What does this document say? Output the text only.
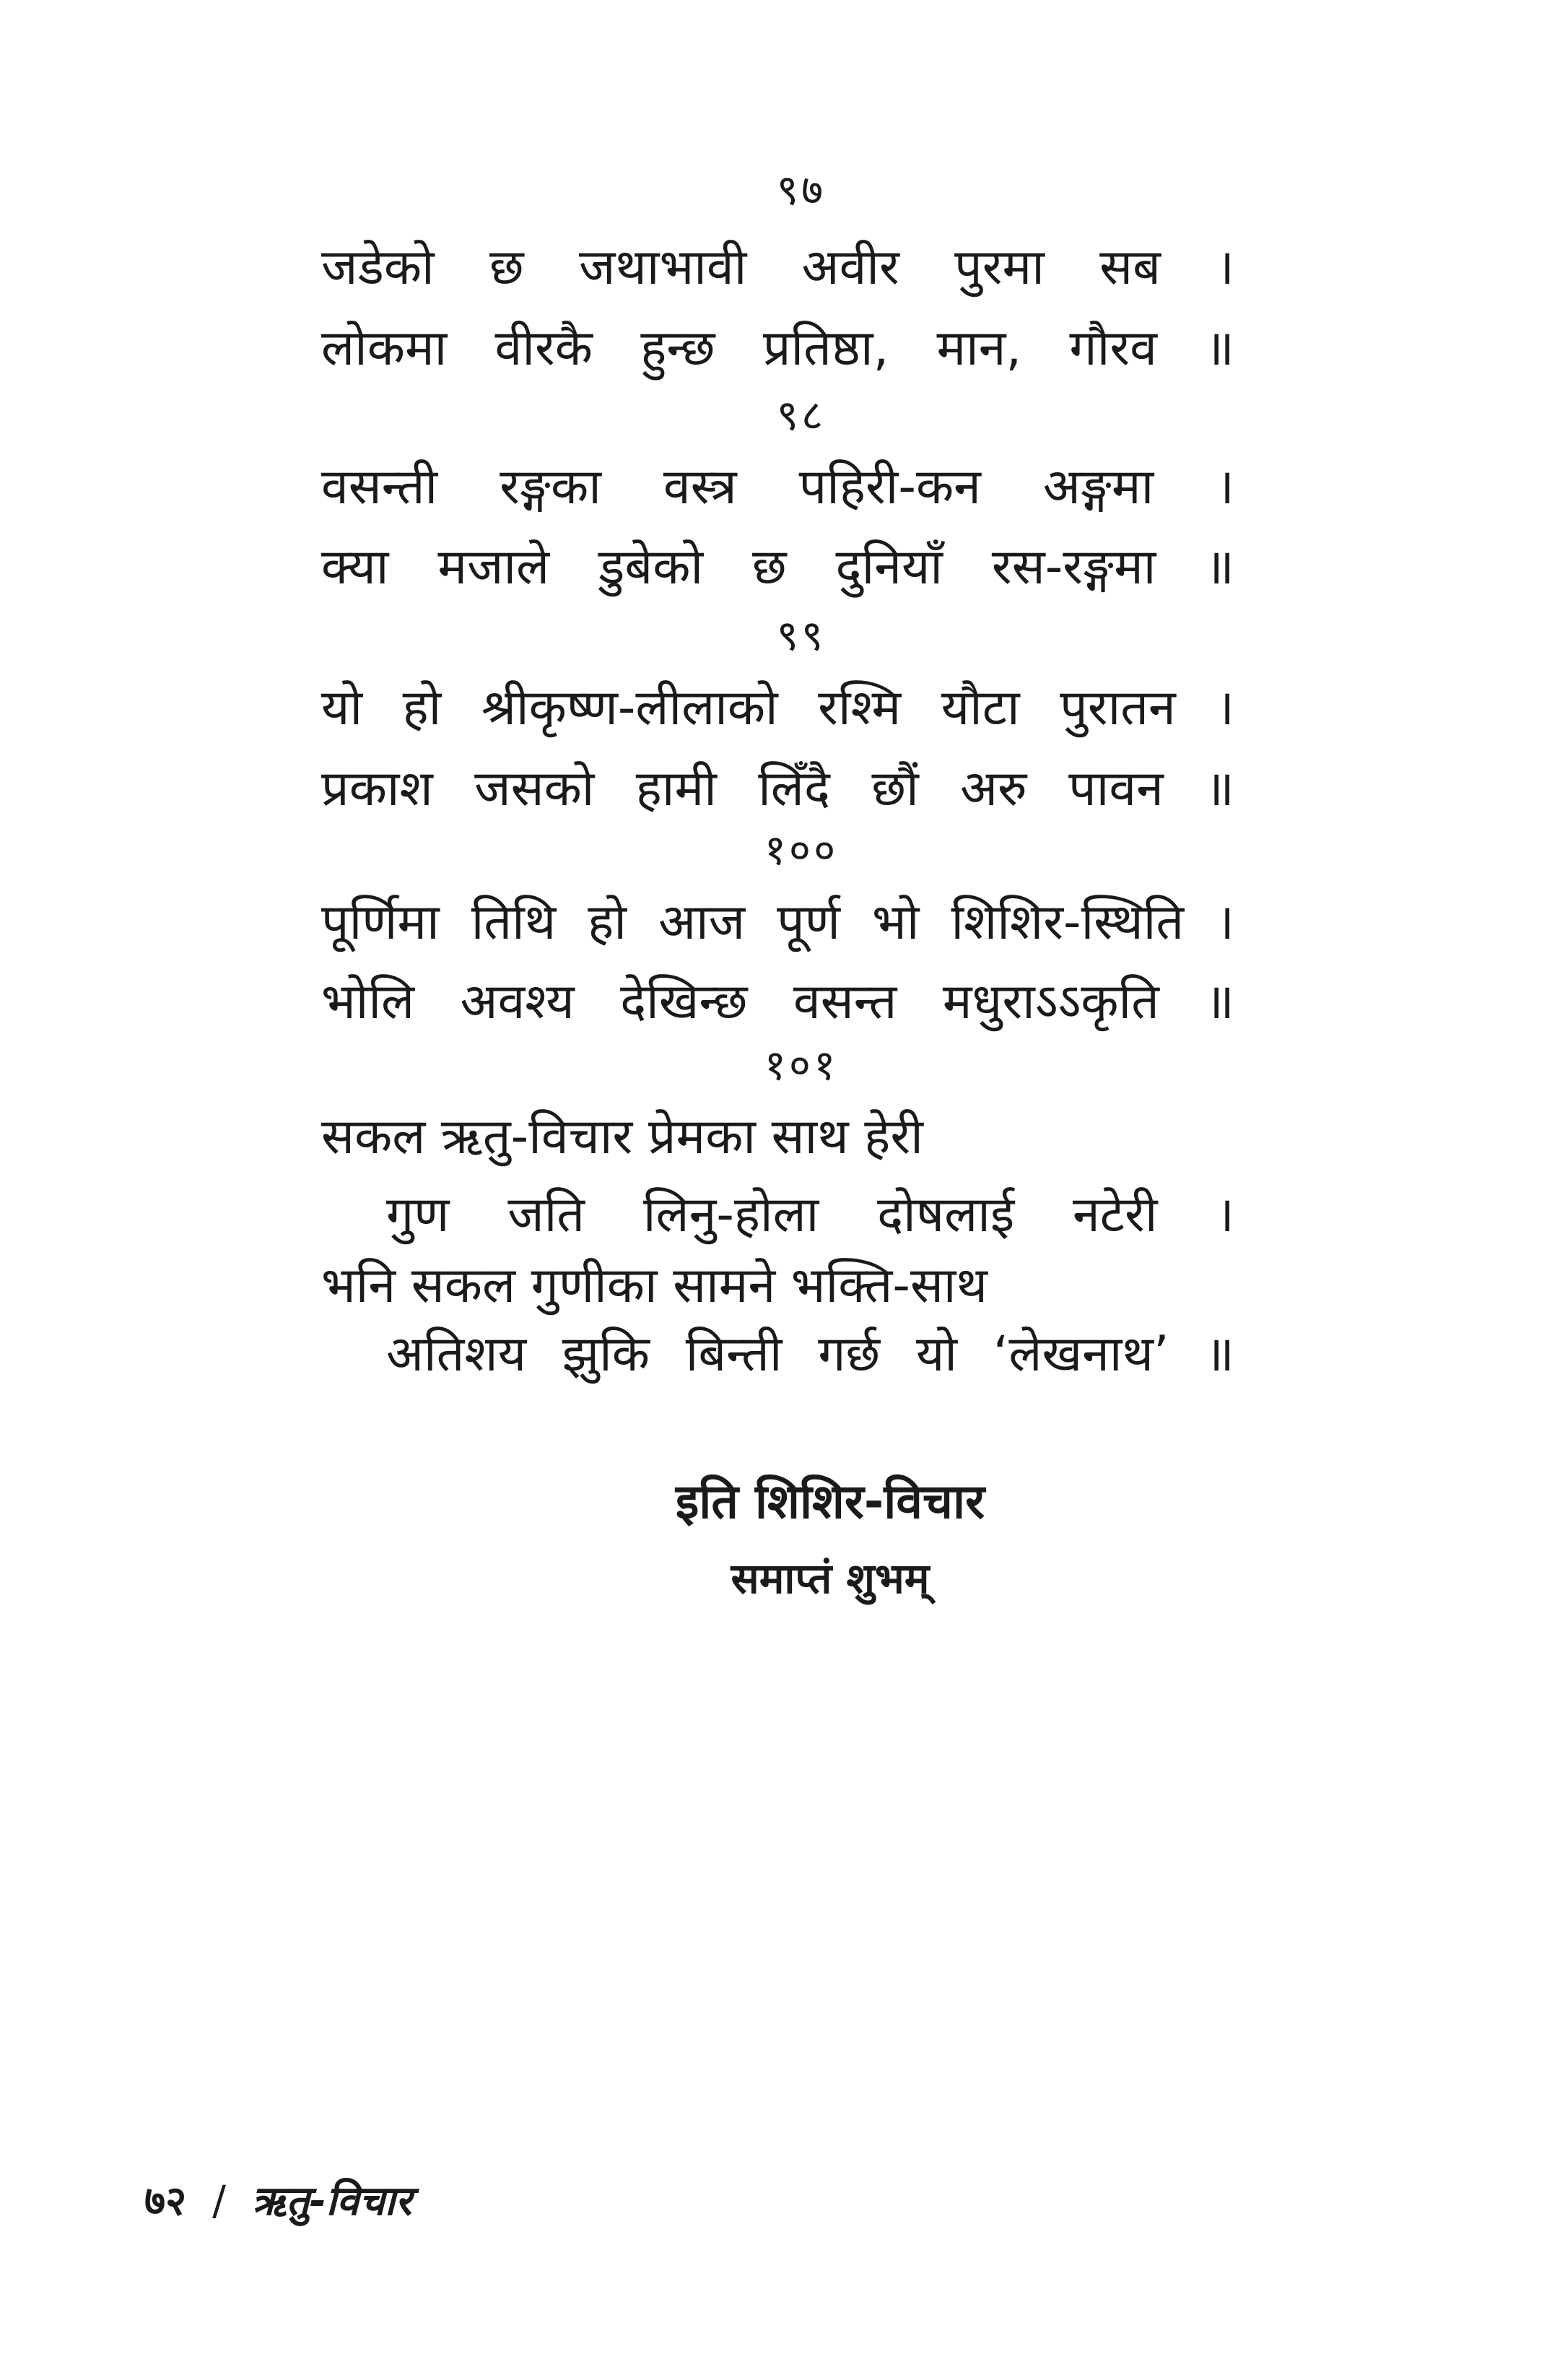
९७
जडेको छ जथाभावी अवीर पुरमा सब ।
लोकमा वीरकै हुन्छ प्रतिष्ठा, मान, गौरव ॥
९८
वसन्ती रङ्गका वस्त्र पहिरी-कन अङ्गमा ।
क्या मजाले डुबेको छ दुनियाँ रस-रङ्गमा ॥
९९
यो हो श्रीकृष्ण-लीलाको रश्मि यौटा पुरातन ।
प्रकाश जसको हामी लिँदै छौं अरु पावन ॥
१००
पूर्णिमा तिथि हो आज पूर्ण भो शिशिर-स्थिति ।
भोलि अवश्य देखिन्छ वसन्त मधुराऽऽकृति ॥
१०१
सकल ऋतु-विचार प्रेमका साथ हेरी
गुण जति लिनु-होला दोषलाई नटेरी ।
भनि सकल गुणीका सामने भक्ति-साथ
अतिशय झुकि बिन्ती गर्छ यो ‘लेखनाथ’ ॥
इति शिशिर-विचार
समाप्तं शुभम्
७२ / ऋतु-विचार
